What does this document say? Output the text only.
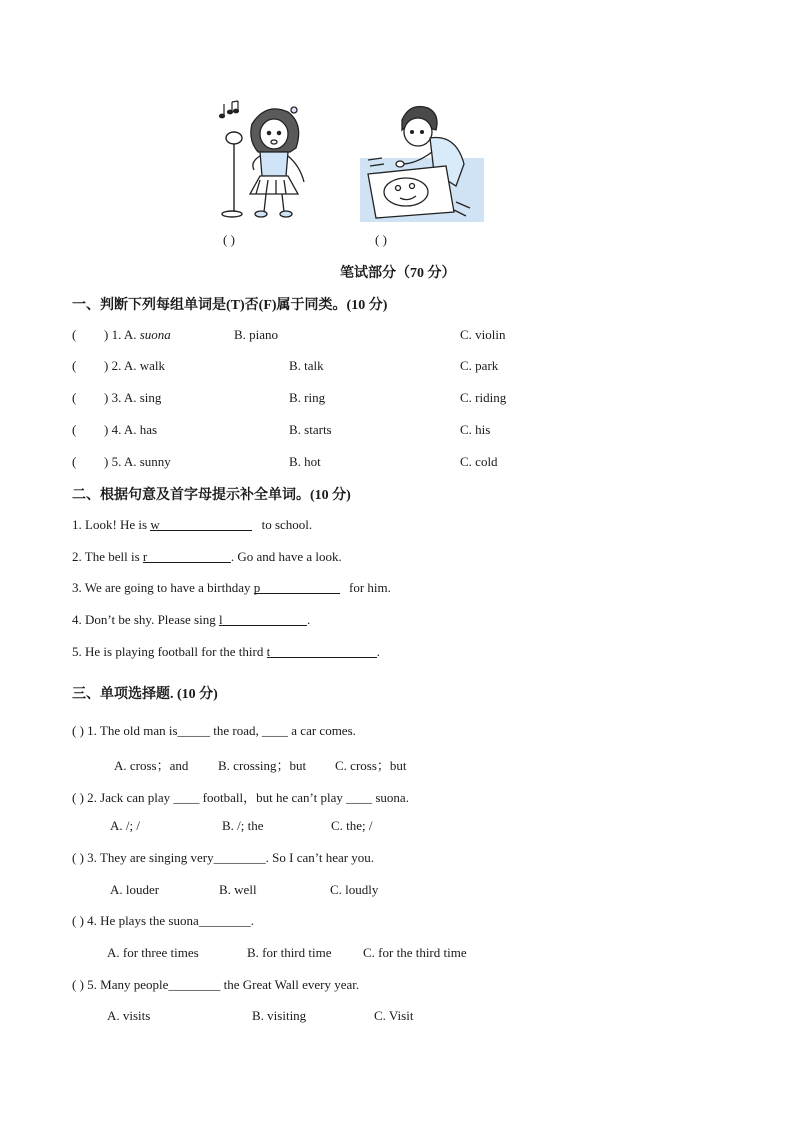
( )	( )
笔试部分（70 分）
一、判断下列每组单词是(T)否(F)属于同类。(10 分)
( ) 1. A. suona	B. piano	C. violin
( ) 2. A. walk	B. talk	C. park
( ) 3. A. sing	B. ring	C. riding
( ) 4. A. has	B. starts	C. his
( ) 5. A. sunny	B. hot	C. cold
二、根据句意及首字母提示补全单词。(10 分)
1. Look! He is w	to school.
2. The bell is r	. Go and have a look.
3. We are going to have a birthday p	for him.
4. Don’t be shy. Please sing l	.
5. He is playing football for the third t	.
三、单项选择题. (10 分)
( ) 1. The old man is_____ the road, ____ a car comes.
A. cross；and B. crossing；but C. cross；but
( ) 2. Jack can play ____ football，but he can’t play ____ suona.
A. /; /	B. /; the	C. the; /
( ) 3. They are singing very________. So I can’t hear you.
A. louder	B. well	C. loudly
( ) 4. He plays the suona________.
A. for three times	B. for third time C. for the third time
( ) 5. Many people________ the Great Wall every year.
A. visits	B. visiting	C. Visit
